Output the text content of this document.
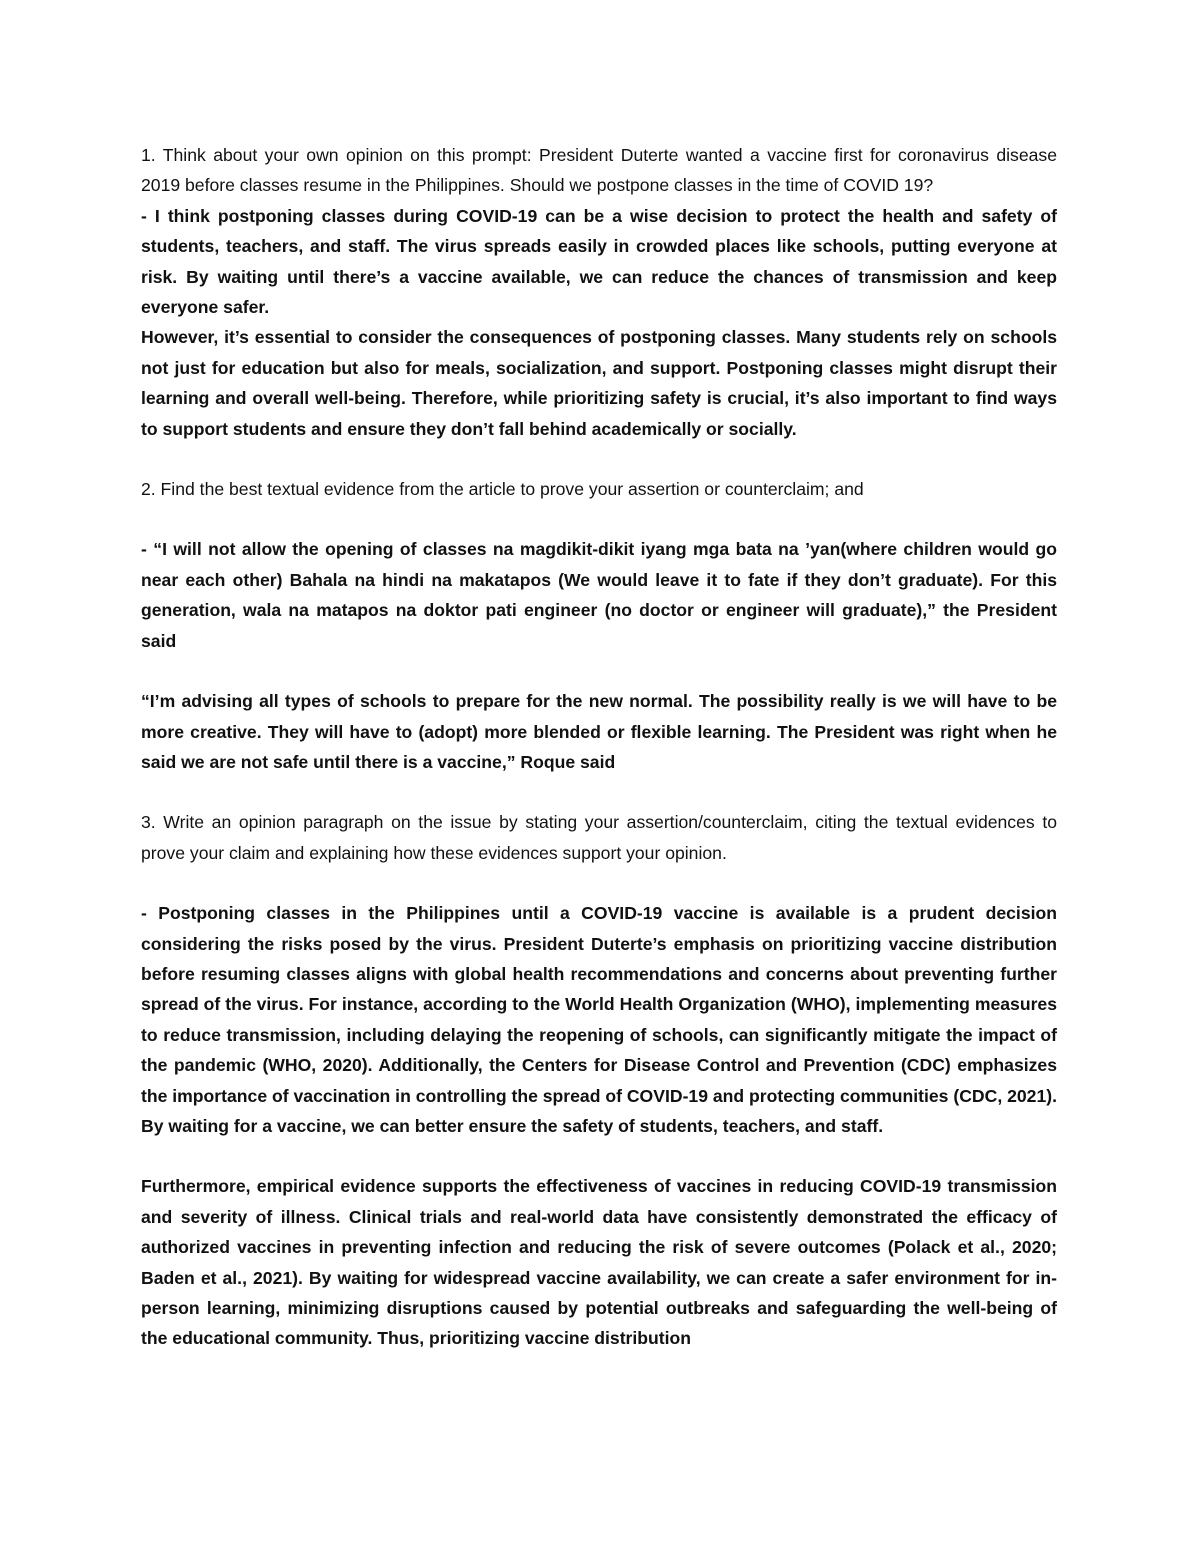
1. Think about your own opinion on this prompt: President Duterte wanted a vaccine first for coronavirus disease 2019 before classes resume in the Philippines. Should we postpone classes in the time of COVID 19?

- I think postponing classes during COVID-19 can be a wise decision to protect the health and safety of students, teachers, and staff. The virus spreads easily in crowded places like schools, putting everyone at risk. By waiting until there’s a vaccine available, we can reduce the chances of transmission and keep everyone safer.

However, it’s essential to consider the consequences of postponing classes. Many students rely on schools not just for education but also for meals, socialization, and support. Postponing classes might disrupt their learning and overall well-being. Therefore, while prioritizing safety is crucial, it’s also important to find ways to support students and ensure they don’t fall behind academically or socially.

2. Find the best textual evidence from the article to prove your assertion or counterclaim; and

- “I will not allow the opening of classes na magdikit-dikit iyang mga bata na ’yan(where children would go near each other) Bahala na hindi na makatapos (We would leave it to fate if they don’t graduate). For this generation, wala na matapos na doktor pati engineer (no doctor or engineer will graduate),” the President said

“I’m advising all types of schools to prepare for the new normal. The possibility really is we will have to be more creative. They will have to (adopt) more blended or flexible learning. The President was right when he said we are not safe until there is a vaccine,” Roque said

3. Write an opinion paragraph on the issue by stating your assertion/counterclaim, citing the textual evidences to prove your claim and explaining how these evidences support your opinion.

- Postponing classes in the Philippines until a COVID-19 vaccine is available is a prudent decision considering the risks posed by the virus. President Duterte’s emphasis on prioritizing vaccine distribution before resuming classes aligns with global health recommendations and concerns about preventing further spread of the virus. For instance, according to the World Health Organization (WHO), implementing measures to reduce transmission, including delaying the reopening of schools, can significantly mitigate the impact of the pandemic (WHO, 2020). Additionally, the Centers for Disease Control and Prevention (CDC) emphasizes the importance of vaccination in controlling the spread of COVID-19 and protecting communities (CDC, 2021). By waiting for a vaccine, we can better ensure the safety of students, teachers, and staff.

Furthermore, empirical evidence supports the effectiveness of vaccines in reducing COVID-19 transmission and severity of illness. Clinical trials and real-world data have consistently demonstrated the efficacy of authorized vaccines in preventing infection and reducing the risk of severe outcomes (Polack et al., 2020; Baden et al., 2021). By waiting for widespread vaccine availability, we can create a safer environment for in-person learning, minimizing disruptions caused by potential outbreaks and safeguarding the well-being of the educational community. Thus, prioritizing vaccine distribution
